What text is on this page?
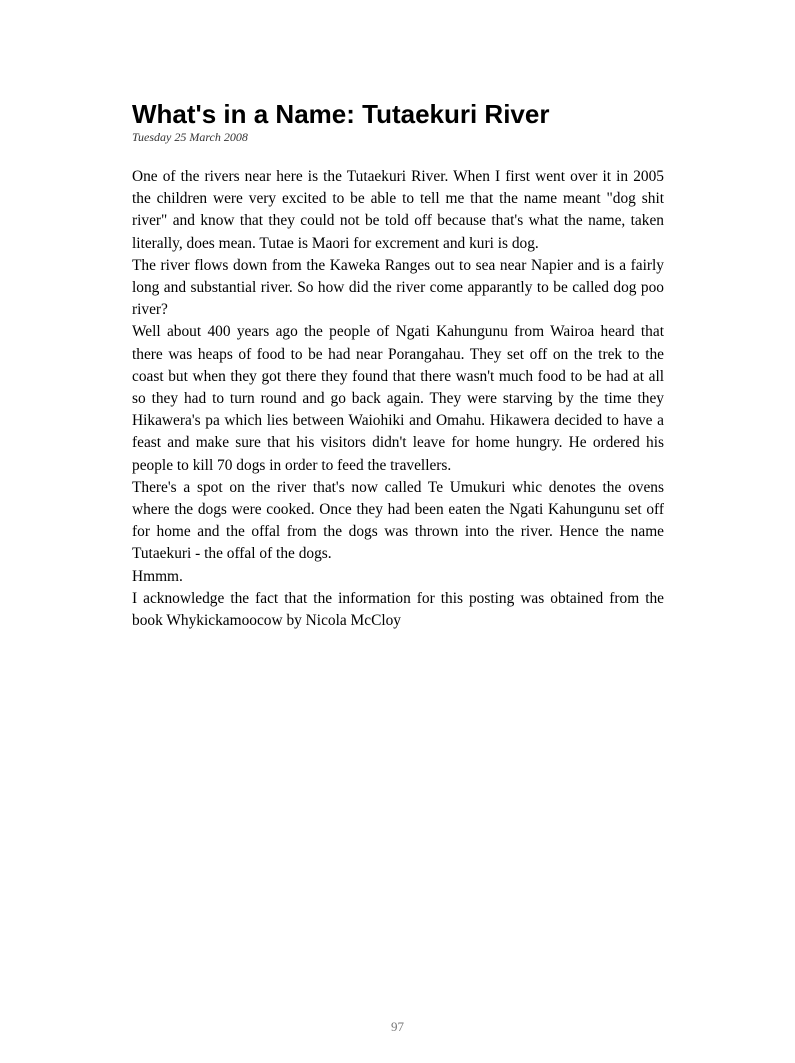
What's in a Name: Tutaekuri River
Tuesday 25 March 2008

One of the rivers near here is the Tutaekuri River. When I first went over it in 2005 the children were very excited to be able to tell me that the name meant "dog shit river" and know that they could not be told off because that's what the name, taken literally, does mean. Tutae is Maori for excrement and kuri is dog.

The river flows down from the Kaweka Ranges out to sea near Napier and is a fairly long and substantial river. So how did the river come apparantly to be called dog poo river?

Well about 400 years ago the people of Ngati Kahungunu from Wairoa heard that there was heaps of food to be had near Porangahau. They set off on the trek to the coast but when they got there they found that there wasn't much food to be had at all so they had to turn round and go back again. They were starving by the time they Hikawera's pa which lies between Waiohiki and Omahu. Hikawera decided to have a feast and make sure that his visitors didn't leave for home hungry. He ordered his people to kill 70 dogs in order to feed the travellers.

There's a spot on the river that's now called Te Umukuri whic denotes the ovens where the dogs were cooked. Once they had been eaten the Ngati Kahungunu set off for home and the offal from the dogs was thrown into the river. Hence the name Tutaekuri - the offal of the dogs.

Hmmm.

I acknowledge the fact that the information for this posting was obtained from the book Whykickamoocow by Nicola McCloy

97
